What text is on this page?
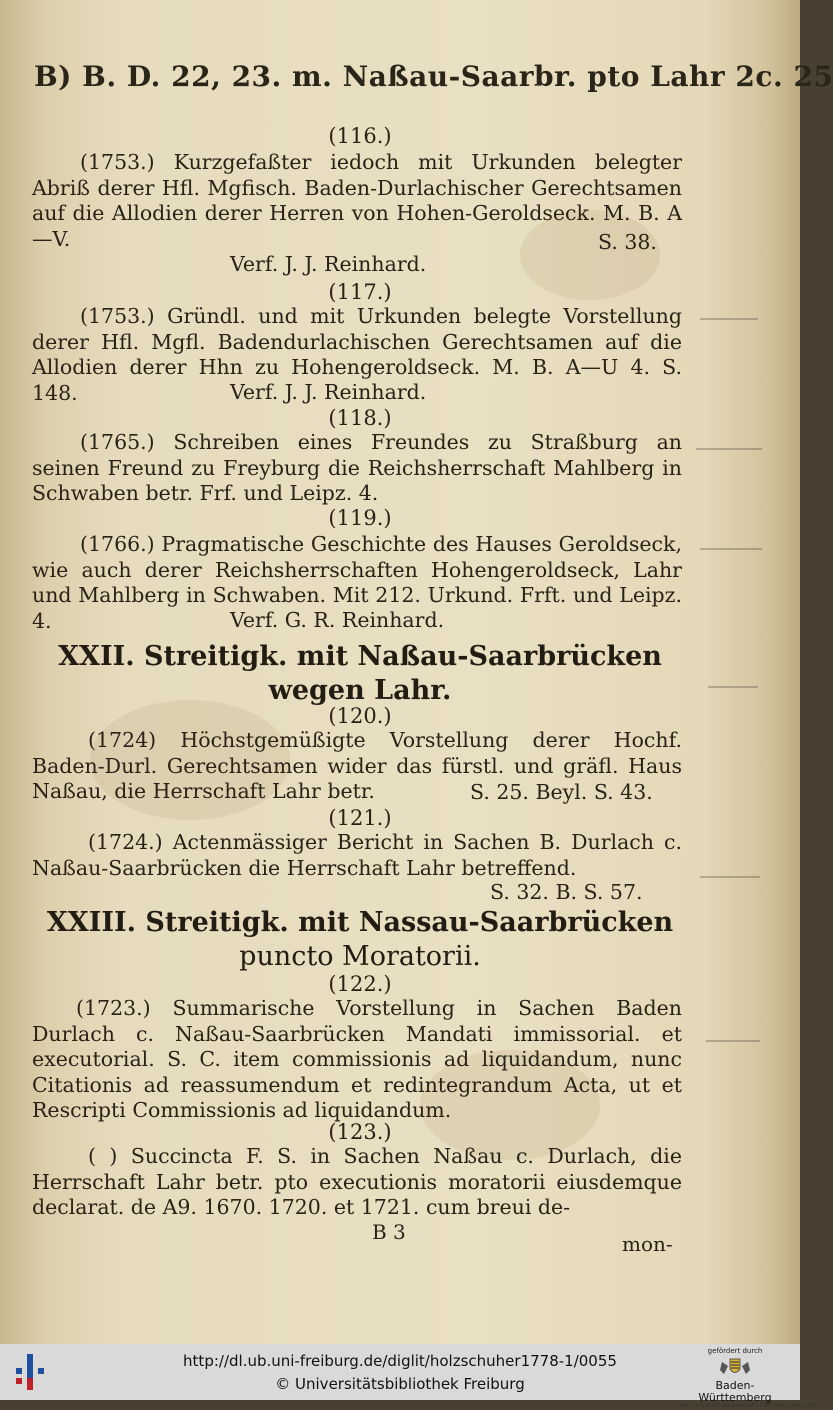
B) B. D. 22, 23. m. Naßau-Saarbr. pto Lahr 2c. 25
(116.)
(1753.) Kurzgefaßter iedoch mit Urkunden belegter Abriß derer Hfl. Mgfisch. Baden-Durlachischer Gerechtsamen auf die Allodien derer Herren von Hohen-Geroldseck. M. B. A—V.	S. 38.
Verf. J. J. Reinhard.
(117.)
(1753.) Gründl. und mit Urkunden belegte Vorstellung derer Hfl. Mgfl. Badendurlachischen Gerechtsamen auf die Allodien derer Hhn zu Hohengeroldseck. M. B. A—U 4. S. 148.	Verf. J. J. Reinhard.
(118.)
(1765.) Schreiben eines Freundes zu Straßburg an seinen Freund zu Freyburg die Reichsherrschaft Mahlberg in Schwaben betr. Frf. und Leipz. 4.
(119.)
(1766.) Pragmatische Geschichte des Hauses Geroldseck, wie auch derer Reichsherrschaften Hohengeroldseck, Lahr und Mahlberg in Schwaben. Mit 212. Urkund. Frft. und Leipz. 4.	Verf. G. R. Reinhard.
XXII. Streitigk. mit Naßau-Saarbrücken
wegen Lahr.
(120.)
(1724) Höchstgemüßigte Vorstellung derer Hochf. Baden-Durl. Gerechtsamen wider das fürstl. und gräfl. Haus Naßau, die Herrschaft Lahr betr.	S. 25. Beyl. S. 43.
(121.)
(1724.) Actenmässiger Bericht in Sachen B. Durlach c. Naßau-Saarbrücken die Herrschaft Lahr betreffend.
S. 32. B. S. 57.
XXIII. Streitigk. mit Nassau-Saarbrücken
puncto Moratorii.
(122.)
(1723.) Summarische Vorstellung in Sachen Baden Durlach c. Naßau-Saarbrücken Mandati immissorial. et executorial. S. C. item commissionis ad liquidandum, nunc Citationis ad reassumendum et redintegrandum Acta, ut et Rescripti Commissionis ad liquidandum.
(123.)
( ) Succincta F. S. in Sachen Naßau c. Durlach, die Herrschaft Lahr betr. pto executionis moratorii eiusdemque declarat. de A9. 1670. 1720. et 1721. cum breui de-
B 3	mon-
http://dl.ub.uni-freiburg.de/diglit/holzschuher1778-1/0055
© Universitätsbibliothek Freiburg
gefördert durch
Baden-Württemberg
MINISTERIUM FÜR WISSENSCHAFT, FORSCHUNG UND KUNST
